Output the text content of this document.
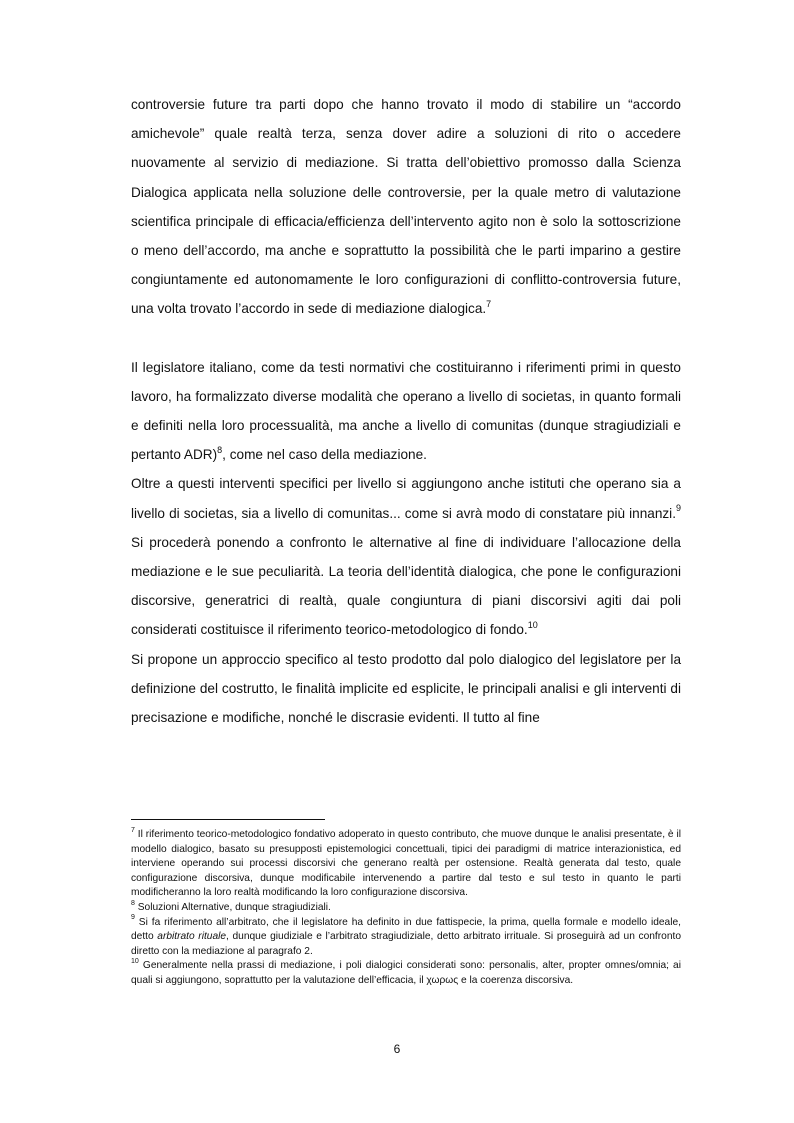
controversie future tra parti dopo che hanno trovato il modo di stabilire un “accordo amichevole” quale realtà terza, senza dover adire a soluzioni di rito o accedere nuovamente al servizio di mediazione. Si tratta dell’obiettivo promosso dalla Scienza Dialogica applicata nella soluzione delle controversie, per la quale metro di valutazione scientifica principale di efficacia/efficienza dell’intervento agito non è solo la sottoscrizione o meno dell’accordo, ma anche e soprattutto la possibilità che le parti imparino a gestire congiuntamente ed autonomamente le loro configurazioni di conflitto-controversia future, una volta trovato l’accordo in sede di mediazione dialogica.$^7$

Il legislatore italiano, come da testi normativi che costituiranno i riferimenti primi in questo lavoro, ha formalizzato diverse modalità che operano a livello di societas, in quanto formali e definiti nella loro processualità, ma anche a livello di comunitas (dunque stragiudiziali e pertanto ADR)$^8$, come nel caso della mediazione.

Oltre a questi interventi specifici per livello si aggiungono anche istituti che operano sia a livello di societas, sia a livello di comunitas... come si avrà modo di constatare più innanzi.$^9$ Si procederà ponendo a confronto le alternative al fine di individuare l’allocazione della mediazione e le sue peculiarità. La teoria dell’identità dialogica, che pone le configurazioni discorsive, generatrici di realtà, quale congiuntura di piani discorsivi agiti dai poli considerati costituisce il riferimento teorico-metodologico di fondo.$^{10}$

Si propone un approccio specifico al testo prodotto dal polo dialogico del legislatore per la definizione del costrutto, le finalità implicite ed esplicite, le principali analisi e gli interventi di precisazione e modifiche, nonché le discrasie evidenti. Il tutto al fine

$^7$ Il riferimento teorico-metodologico fondativo adoperato in questo contributo, che muove dunque le analisi presentate, è il modello dialogico, basato su presupposti epistemologici concettuali, tipici dei paradigmi di matrice interazionistica, ed interviene operando sui processi discorsivi che generano realtà per ostensione. Realtà generata dal testo, quale configurazione discorsiva, dunque modificabile intervenendo a partire dal testo e sul testo in quanto le parti modificheranno la loro realtà modificando la loro configurazione discorsiva.

$^8$ Soluzioni Alternative, dunque stragiudiziali.

$^9$ Si fa riferimento all’arbitrato, che il legislatore ha definito in due fattispecie, la prima, quella formale e modello ideale, detto arbitrato rituale, dunque giudiziale e l’arbitrato stragiudiziale, detto arbitrato irrituale. Si proseguirà ad un confronto diretto con la mediazione al paragrafo 2.

$^{10}$ Generalmente nella prassi di mediazione, i poli dialogici considerati sono: personalis, alter, propter omnes/omnia; ai quali si aggiungono, soprattutto per la valutazione dell’efficacia, il χωρως e la coerenza discorsiva.

6
